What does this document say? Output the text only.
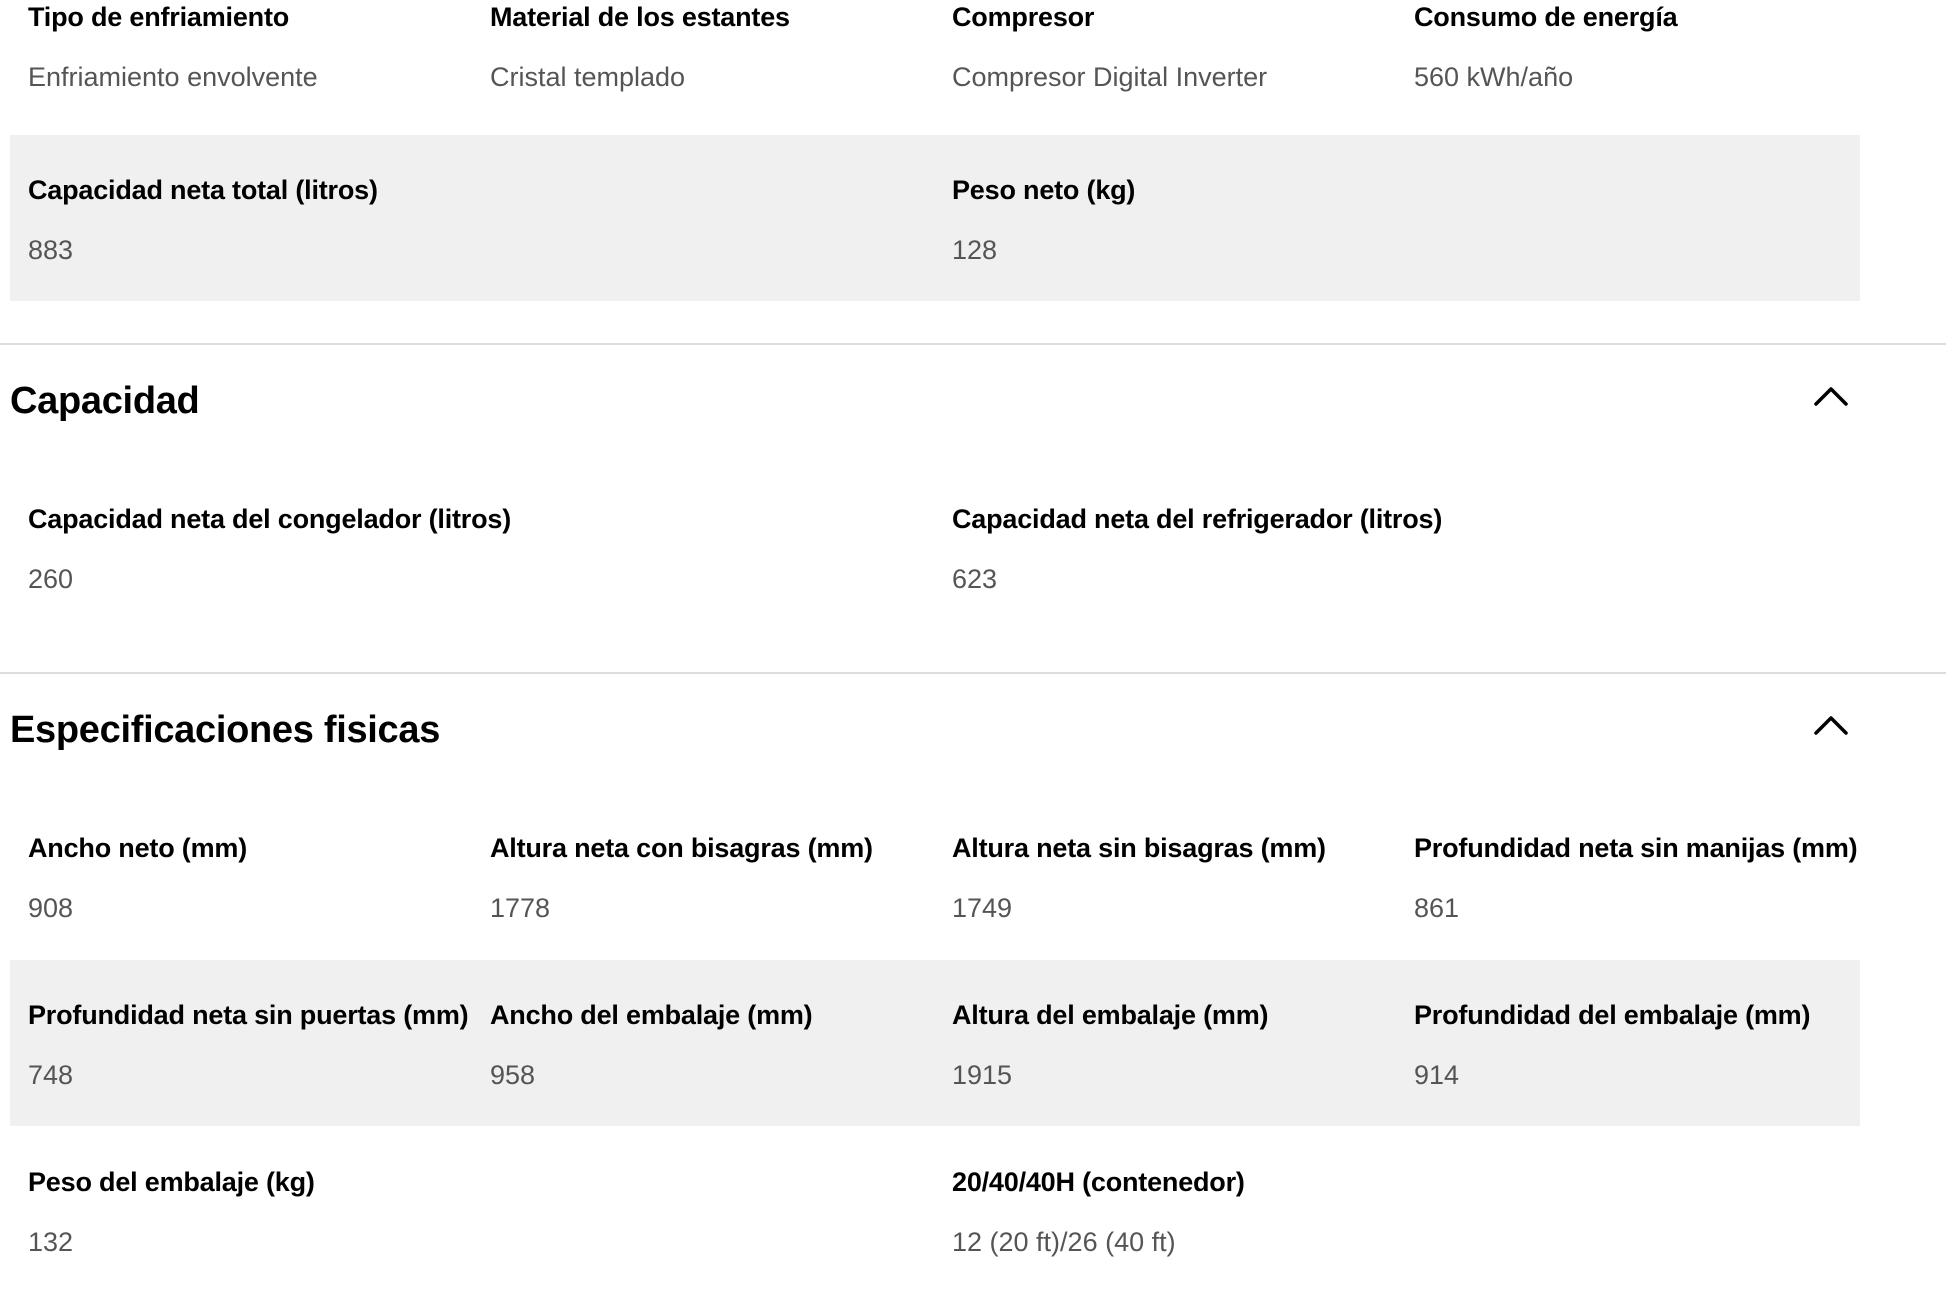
Tipo de enfriamiento
Enfriamiento envolvente
Material de los estantes
Cristal templado
Compresor
Compresor Digital Inverter
Consumo de energía
560 kWh/año
Capacidad neta total (litros)
883
Peso neto (kg)
128
Capacidad
Capacidad neta del congelador (litros)
260
Capacidad neta del refrigerador (litros)
623
Especificaciones fisicas
Ancho neto (mm)
908
Altura neta con bisagras (mm)
1778
Altura neta sin bisagras (mm)
1749
Profundidad neta sin manijas (mm)
861
Profundidad neta sin puertas (mm)
748
Ancho del embalaje (mm)
958
Altura del embalaje (mm)
1915
Profundidad del embalaje (mm)
914
Peso del embalaje (kg)
132
20/40/40H (contenedor)
12 (20 ft)/26 (40 ft)
